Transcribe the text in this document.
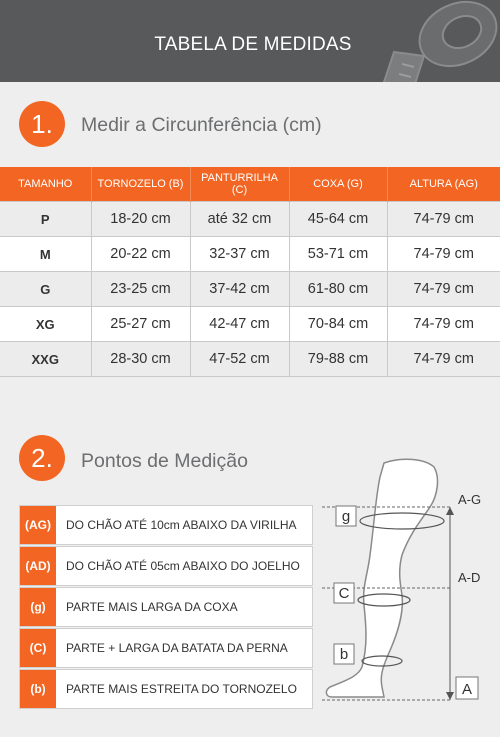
TABELA DE MEDIDAS
1.	Medir a Circunferência (cm)
TAMANHO	TORNOZELO (B)	PANTURRILHA (C)	COXA (G)	ALTURA (AG)
P	18-20 cm	até 32 cm	45-64 cm	74-79 cm
M	20-22 cm	32-37 cm	53-71 cm	74-79 cm
G	23-25 cm	37-42 cm	61-80 cm	74-79 cm
XG	25-27 cm	42-47 cm	70-84 cm	74-79 cm
XXG	28-30 cm	47-52 cm	79-88 cm	74-79 cm
2.	Pontos de Medição
(AG)	DO CHÃO ATÉ 10cm ABAIXO DA VIRILHA
(AD)	DO CHÃO ATÉ 05cm ABAIXO DO JOELHO
(g)	PARTE MAIS LARGA DA COXA
(C)	PARTE + LARGA DA BATATA DA PERNA
(b)	PARTE MAIS ESTREITA DO TORNOZELO
g
C
b
A-G
A-D
A
